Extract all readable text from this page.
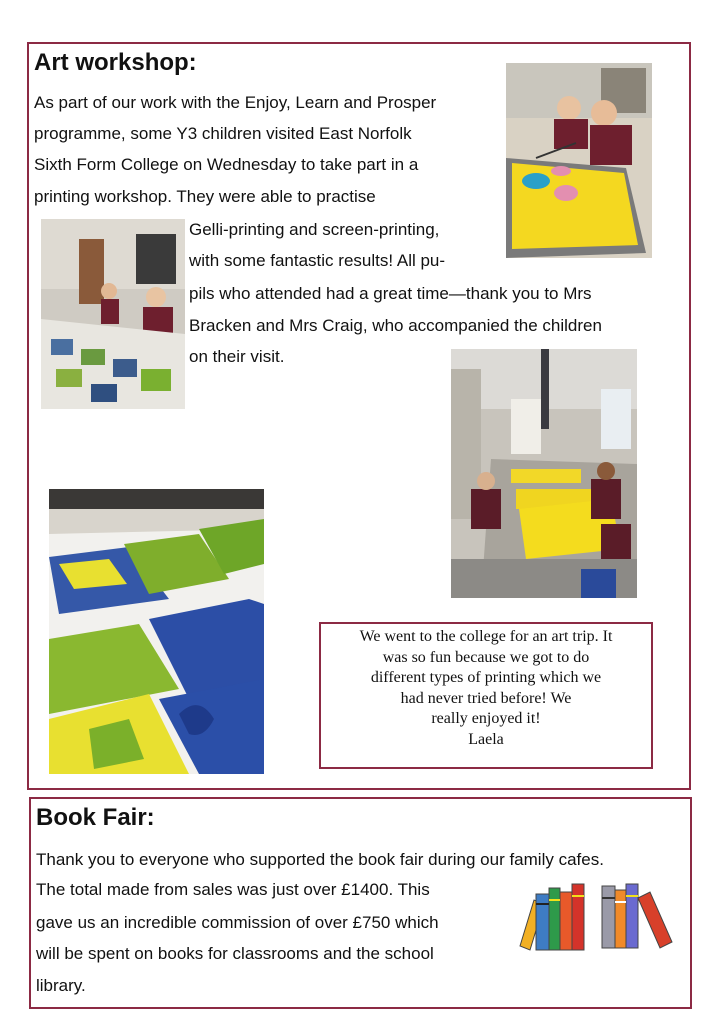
Art workshop:
As part of our work with the Enjoy, Learn and Prosper
programme, some Y3 children visited East Norfolk
Sixth Form College on Wednesday to take part in a
printing workshop. They were able to practise
Gelli-printing and screen-printing,
with some fantastic results! All pu-
pils who attended had a great time—thank you to Mrs
Bracken and Mrs Craig, who accompanied the children
on their visit.
We went to the college for an art trip. It
was so fun because we got to do
different types of printing which we
had never tried before! We
really enjoyed it!
Laela
Book Fair:
Thank you to everyone who supported the book fair during our family cafes.
The total made from sales was just over £1400. This
gave us an incredible commission of over £750 which
will be spent on books for classrooms and the school
library.
